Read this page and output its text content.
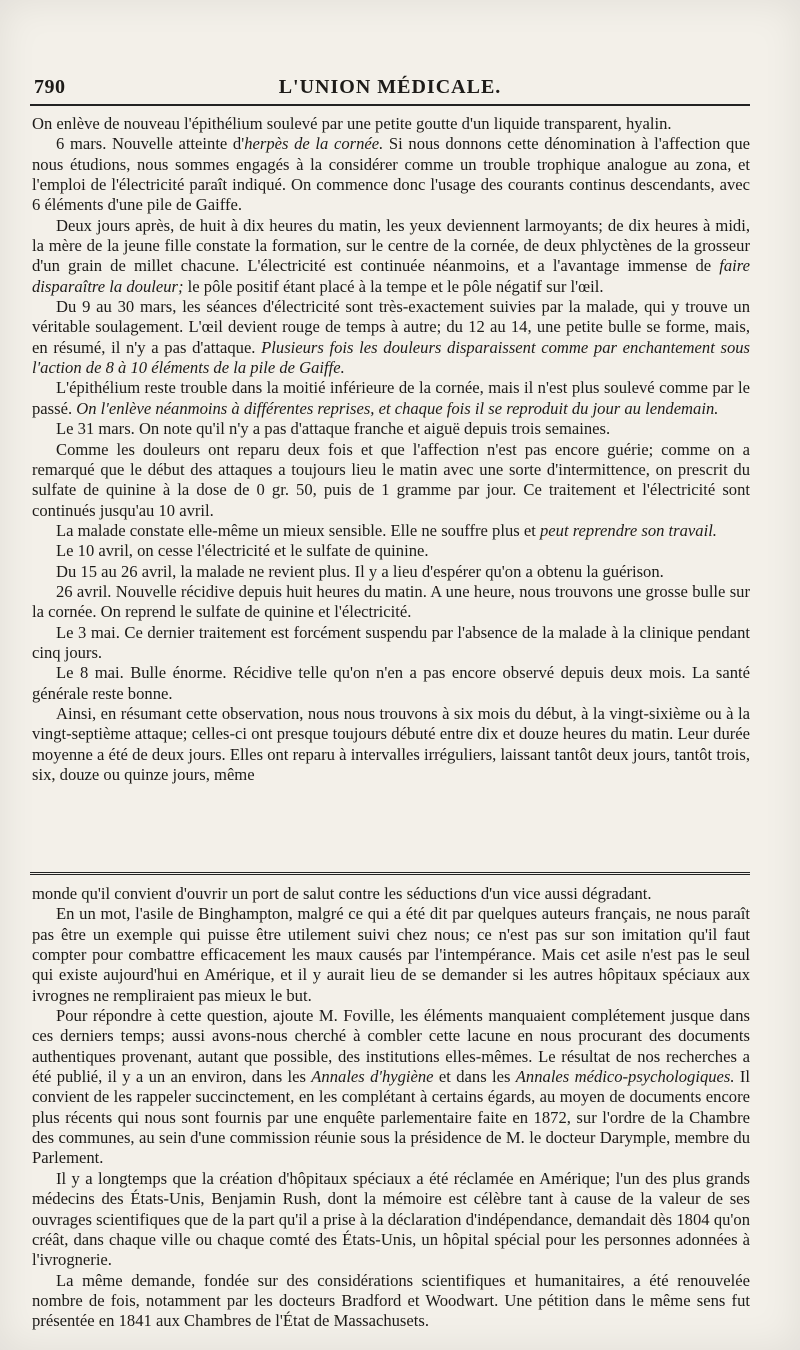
790	L'UNION MÉDICALE.

On enlève de nouveau l'épithélium soulevé par une petite goutte d'un liquide transparent, hyalin.

6 mars. Nouvelle atteinte d'herpès de la cornée. Si nous donnons cette dénomination à l'affection que nous étudions, nous sommes engagés à la considérer comme un trouble trophique analogue au zona, et l'emploi de l'électricité paraît indiqué. On commence donc l'usage des courants continus descendants, avec 6 éléments d'une pile de Gaiffe.

Deux jours après, de huit à dix heures du matin, les yeux deviennent larmoyants; de dix heures à midi, la mère de la jeune fille constate la formation, sur le centre de la cornée, de deux phlyctènes de la grosseur d'un grain de millet chacune. L'électricité est continuée néanmoins, et a l'avantage immense de faire disparaître la douleur; le pôle positif étant placé à la tempe et le pôle négatif sur l'œil.

Du 9 au 30 mars, les séances d'électricité sont très-exactement suivies par la malade, qui y trouve un véritable soulagement. L'œil devient rouge de temps à autre; du 12 au 14, une petite bulle se forme, mais, en résumé, il n'y a pas d'attaque. Plusieurs fois les douleurs disparaissent comme par enchantement sous l'action de 8 à 10 éléments de la pile de Gaiffe.

L'épithélium reste trouble dans la moitié inférieure de la cornée, mais il n'est plus soulevé comme par le passé. On l'enlève néanmoins à différentes reprises, et chaque fois il se reproduit du jour au lendemain.

Le 31 mars. On note qu'il n'y a pas d'attaque franche et aiguë depuis trois semaines.

Comme les douleurs ont reparu deux fois et que l'affection n'est pas encore guérie; comme on a remarqué que le début des attaques a toujours lieu le matin avec une sorte d'intermittence, on prescrit du sulfate de quinine à la dose de 0 gr. 50, puis de 1 gramme par jour. Ce traitement et l'électricité sont continués jusqu'au 10 avril.

La malade constate elle-même un mieux sensible. Elle ne souffre plus et peut reprendre son travail.

Le 10 avril, on cesse l'électricité et le sulfate de quinine.

Du 15 au 26 avril, la malade ne revient plus. Il y a lieu d'espérer qu'on a obtenu la guérison.

26 avril. Nouvelle récidive depuis huit heures du matin. A une heure, nous trouvons une grosse bulle sur la cornée. On reprend le sulfate de quinine et l'électricité.

Le 3 mai. Ce dernier traitement est forcément suspendu par l'absence de la malade à la clinique pendant cinq jours.

Le 8 mai. Bulle énorme. Récidive telle qu'on n'en a pas encore observé depuis deux mois. La santé générale reste bonne.

Ainsi, en résumant cette observation, nous nous trouvons à six mois du début, à la vingt-sixième ou à la vingt-septième attaque; celles-ci ont presque toujours débuté entre dix et douze heures du matin. Leur durée moyenne a été de deux jours. Elles ont reparu à intervalles irréguliers, laissant tantôt deux jours, tantôt trois, six, douze ou quinze jours, même

monde qu'il convient d'ouvrir un port de salut contre les séductions d'un vice aussi dégradant.

En un mot, l'asile de Binghampton, malgré ce qui a été dit par quelques auteurs français, ne nous paraît pas être un exemple qui puisse être utilement suivi chez nous; ce n'est pas sur son imitation qu'il faut compter pour combattre efficacement les maux causés par l'intempérance. Mais cet asile n'est pas le seul qui existe aujourd'hui en Amérique, et il y aurait lieu de se demander si les autres hôpitaux spéciaux aux ivrognes ne rempliraient pas mieux le but.

Pour répondre à cette question, ajoute M. Foville, les éléments manquaient complétement jusque dans ces derniers temps; aussi avons-nous cherché à combler cette lacune en nous procurant des documents authentiques provenant, autant que possible, des institutions elles-mêmes. Le résultat de nos recherches a été publié, il y a un an environ, dans les Annales d'hygiène et dans les Annales médico-psychologiques. Il convient de les rappeler succinctement, en les complétant à certains égards, au moyen de documents encore plus récents qui nous sont fournis par une enquête parlementaire faite en 1872, sur l'ordre de la Chambre des communes, au sein d'une commission réunie sous la présidence de M. le docteur Darymple, membre du Parlement.

Il y a longtemps que la création d'hôpitaux spéciaux a été réclamée en Amérique; l'un des plus grands médecins des États-Unis, Benjamin Rush, dont la mémoire est célèbre tant à cause de la valeur de ses ouvrages scientifiques que de la part qu'il a prise à la déclaration d'indépendance, demandait dès 1804 qu'on créât, dans chaque ville ou chaque comté des États-Unis, un hôpital spécial pour les personnes adonnées à l'ivrognerie.

La même demande, fondée sur des considérations scientifiques et humanitaires, a été renouvelée nombre de fois, notamment par les docteurs Bradford et Woodwart. Une pétition dans le même sens fut présentée en 1841 aux Chambres de l'État de Massachusets.
